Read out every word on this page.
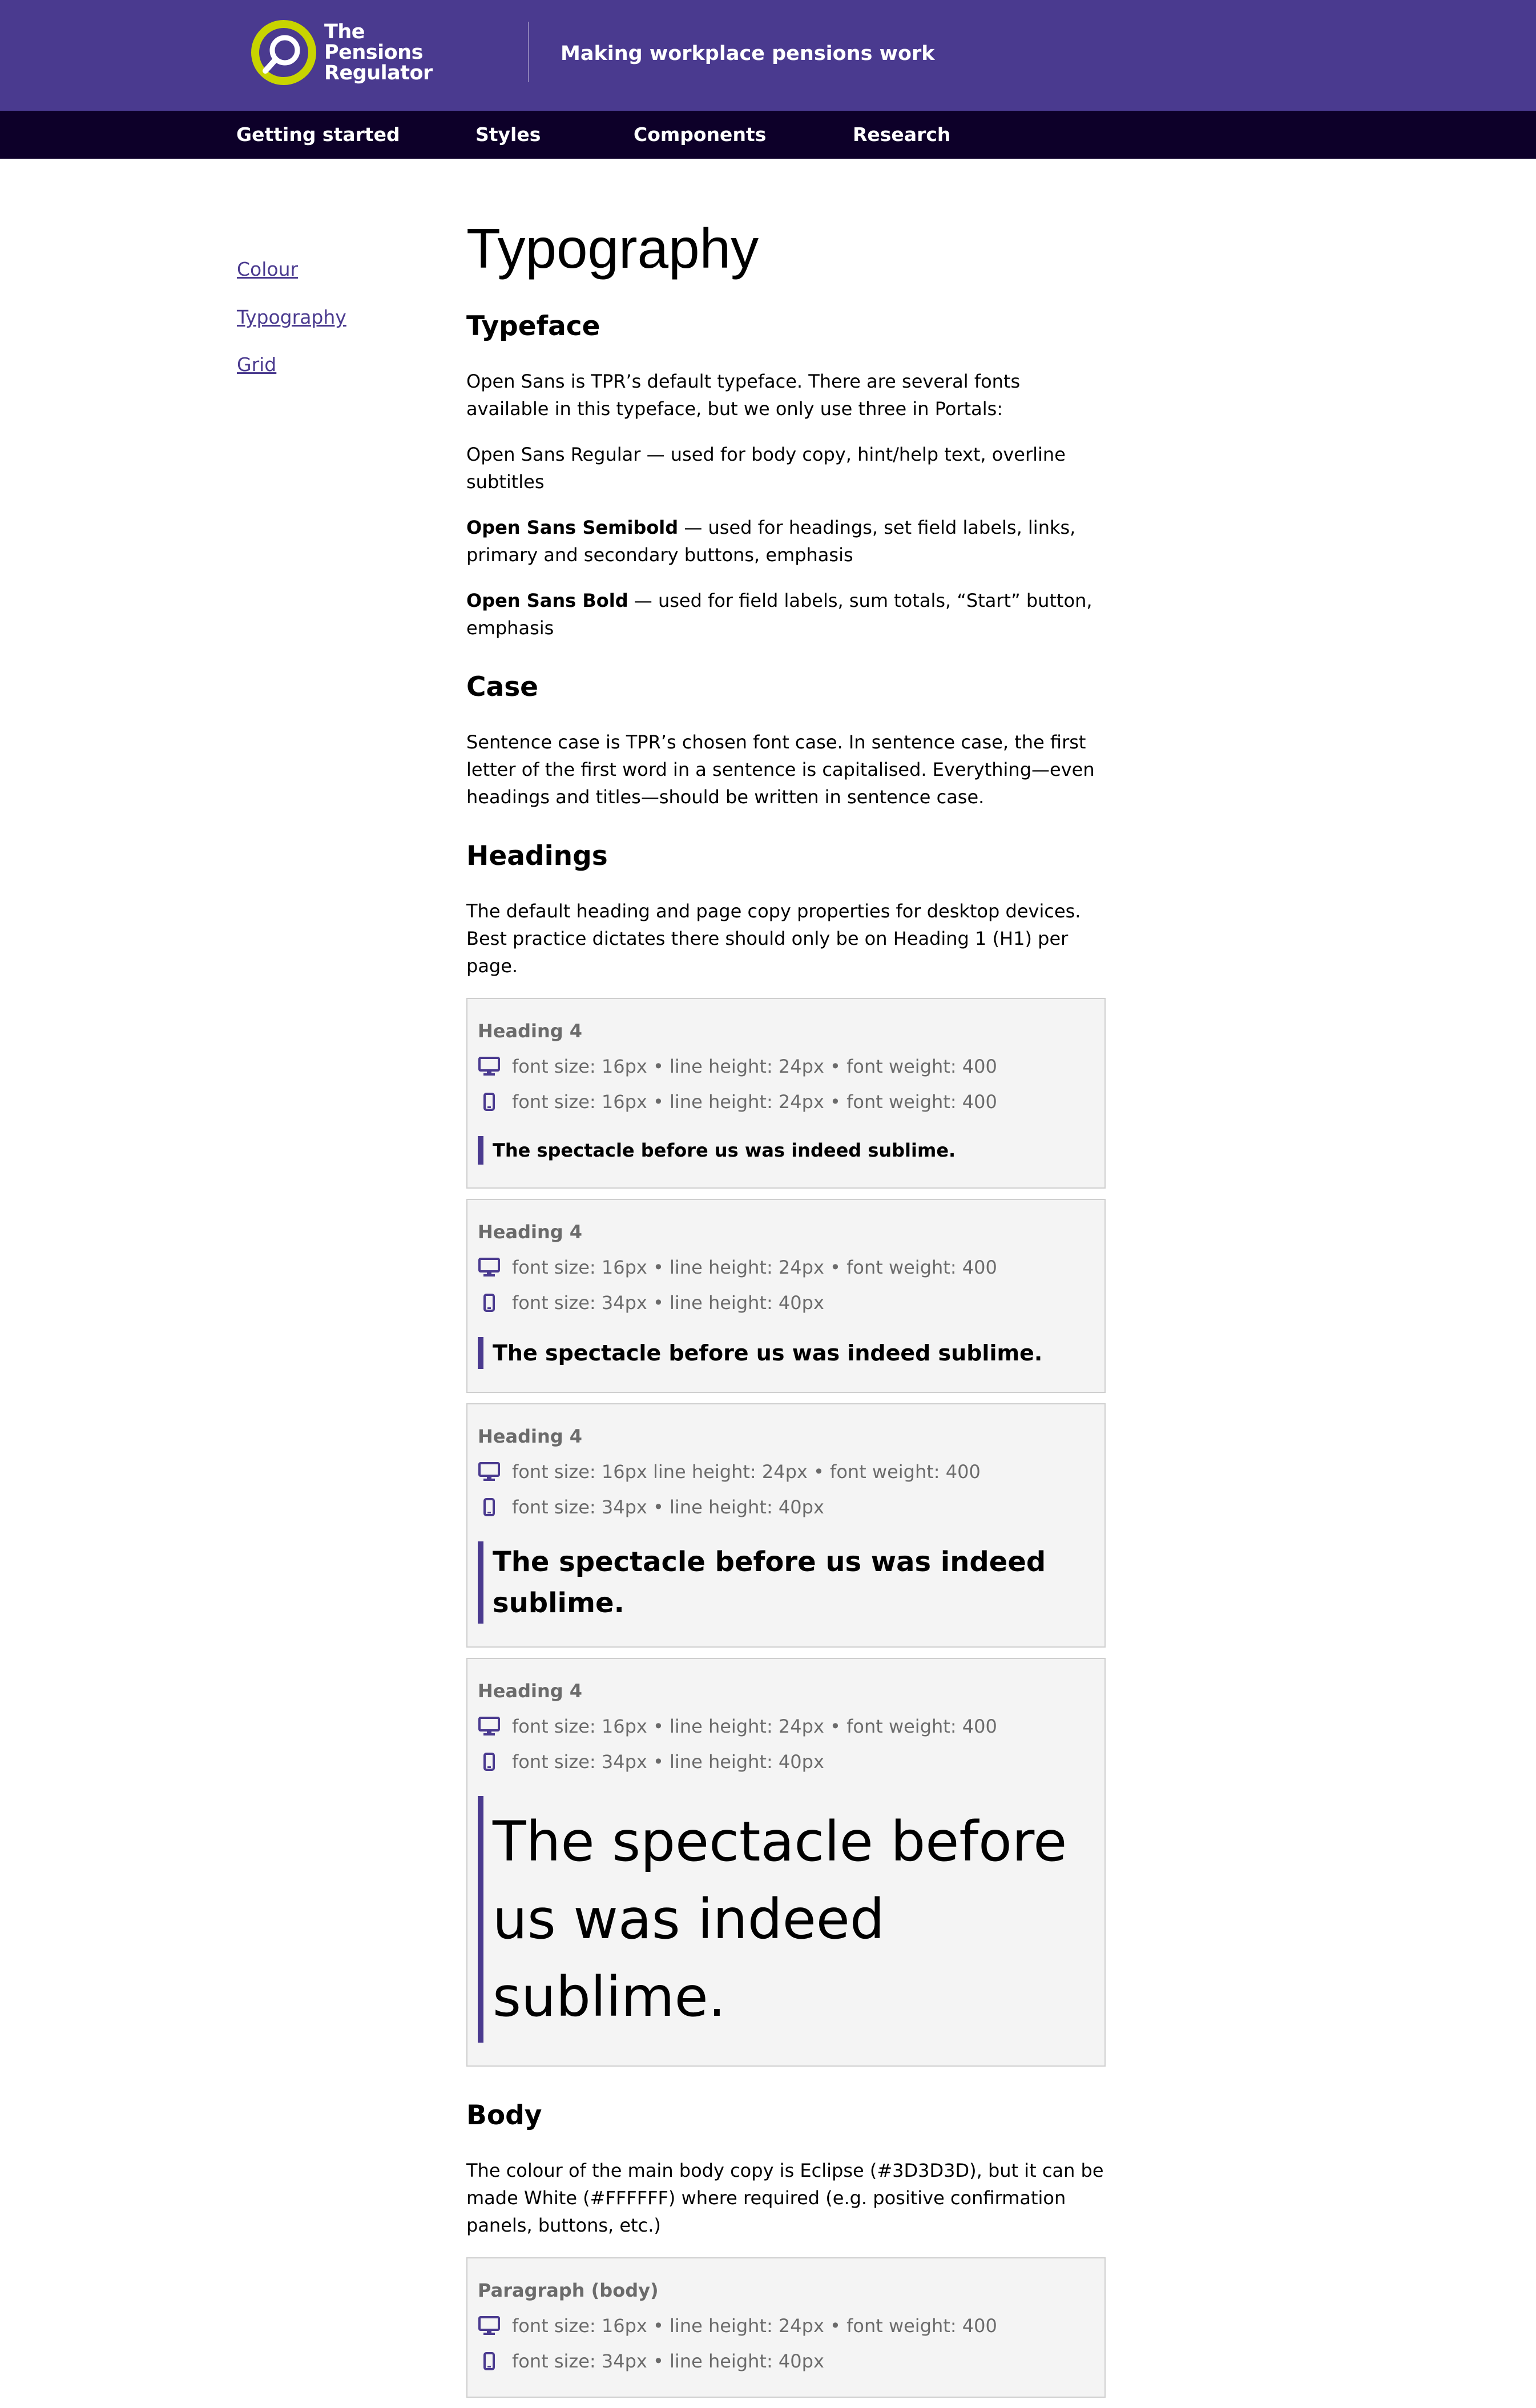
The
Pensions
Regulator
Making workplace pensions work
Getting started	Styles	Components	Research
Colour
Typography
Grid
Typography
Typeface

Open Sans is TPR’s default typeface. There are several fonts available in this typeface, but we only use three in Portals:

Open Sans Regular — used for body copy, hint/help text, overline subtitles

Open Sans Semibold — used for headings, set field labels, links, primary and secondary buttons, emphasis

Open Sans Bold — used for field labels, sum totals, “Start” button, emphasis

Case

Sentence case is TPR’s chosen font case. In sentence case, the first letter of the first word in a sentence is capitalised. Everything—even headings and titles—should be written in sentence case.

Headings

The default heading and page copy properties for desktop devices. Best practice dictates there should only be on Heading 1 (H1) per page.

Heading 4
font size: 16px • line height: 24px • font weight: 400
font size: 16px • line height: 24px • font weight: 400
The spectacle before us was indeed sublime.
Heading 4
font size: 16px • line height: 24px • font weight: 400
font size: 34px • line height: 40px
The spectacle before us was indeed sublime.
Heading 4
font size: 16px line height: 24px • font weight: 400
font size: 34px • line height: 40px
The spectacle before us was indeed sublime.
Heading 4
font size: 16px • line height: 24px • font weight: 400
font size: 34px • line height: 40px
The spectacle before us was indeed sublime.
Body

The colour of the main body copy is Eclipse (#3D3D3D), but it can be made White (#FFFFFF) where required (e.g. positive confirmation panels, buttons, etc.)

Paragraph (body)
font size: 16px • line height: 24px • font weight: 400
font size: 34px • line height: 40px
